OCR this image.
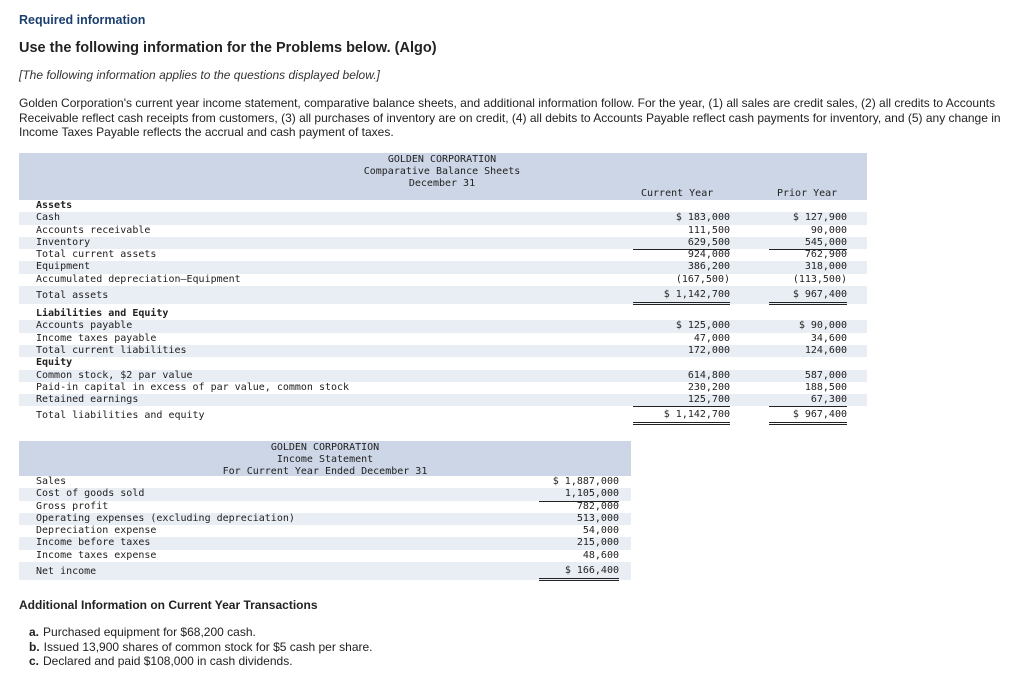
Required information
Use the following information for the Problems below. (Algo)
[The following information applies to the questions displayed below.]
Golden Corporation's current year income statement, comparative balance sheets, and additional information follow. For the year, (1) all sales are credit sales, (2) all credits to Accounts Receivable reflect cash receipts from customers, (3) all purchases of inventory are on credit, (4) all debits to Accounts Payable reflect cash payments for inventory, and (5) any change in Income Taxes Payable reflects the accrual and cash payment of taxes.
GOLDEN CORPORATION
Comparative Balance Sheets
December 31
Current Year	Prior Year
Assets
Cash	$ 183,000	$ 127,900
Accounts receivable	111,500	90,000
Inventory	629,500	545,000
Total current assets	924,000	762,900
Equipment	386,200	318,000
Accumulated depreciation—Equipment	(167,500)	(113,500)
Total assets	$ 1,142,700	$ 967,400
Liabilities and Equity
Accounts payable	$ 125,000	$ 90,000
Income taxes payable	47,000	34,600
Total current liabilities	172,000	124,600
Equity
Common stock, $2 par value	614,800	587,000
Paid-in capital in excess of par value, common stock	230,200	188,500
Retained earnings	125,700	67,300
Total liabilities and equity	$ 1,142,700	$ 967,400
GOLDEN CORPORATION
Income Statement
For Current Year Ended December 31
Sales	$ 1,887,000
Cost of goods sold	1,105,000
Gross profit	782,000
Operating expenses (excluding depreciation)	513,000
Depreciation expense	54,000
Income before taxes	215,000
Income taxes expense	48,600
Net income	$ 166,400
Additional Information on Current Year Transactions
a. Purchased equipment for $68,200 cash.
b. Issued 13,900 shares of common stock for $5 cash per share.
c. Declared and paid $108,000 in cash dividends.
